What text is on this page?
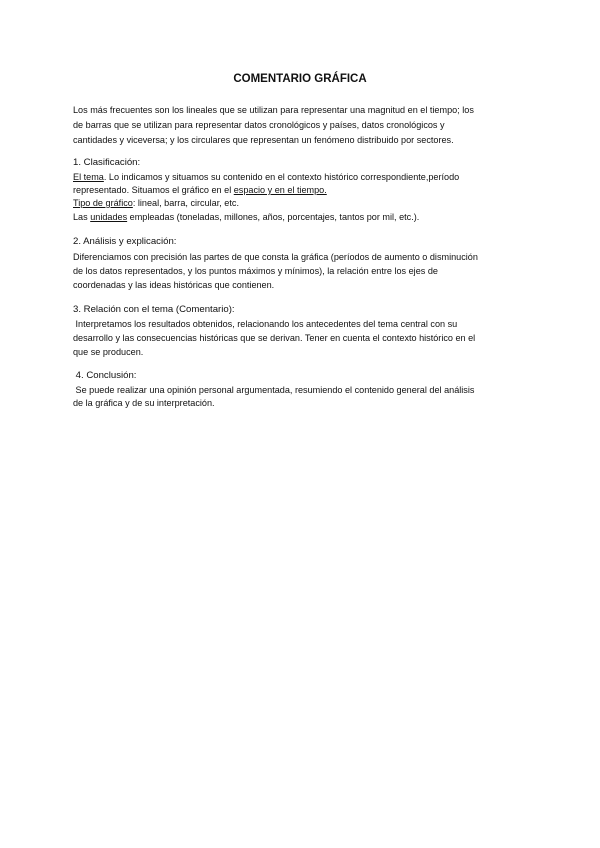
COMENTARIO GRÁFICA
Los más frecuentes son los lineales que se utilizan para representar una magnitud en el tiempo; los
de barras que se utilizan para representar datos cronológicos y países, datos cronológicos y
cantidades y viceversa; y los circulares que representan un fenómeno distribuido por sectores.
1. Clasificación:
El tema. Lo indicamos y situamos su contenido en el contexto histórico correspondiente,período
representado. Situamos el gráfico en el espacio y en el tiempo.
Tipo de gráfico: lineal, barra, circular, etc.
Las unidades empleadas (toneladas, millones, años, porcentajes, tantos por mil, etc.).
2. Análisis y explicación:
Diferenciamos con precisión las partes de que consta la gráfica (períodos de aumento o disminución
de los datos representados, y los puntos máximos y mínimos), la relación entre los ejes de
coordenadas y las ideas históricas que contienen.
3. Relación con el tema (Comentario):
Interpretamos los resultados obtenidos, relacionando los antecedentes del tema central con su
desarrollo y las consecuencias históricas que se derivan. Tener en cuenta el contexto histórico en el
que se producen.
4. Conclusión:
Se puede realizar una opinión personal argumentada, resumiendo el contenido general del análisis
de la gráfica y de su interpretación.
